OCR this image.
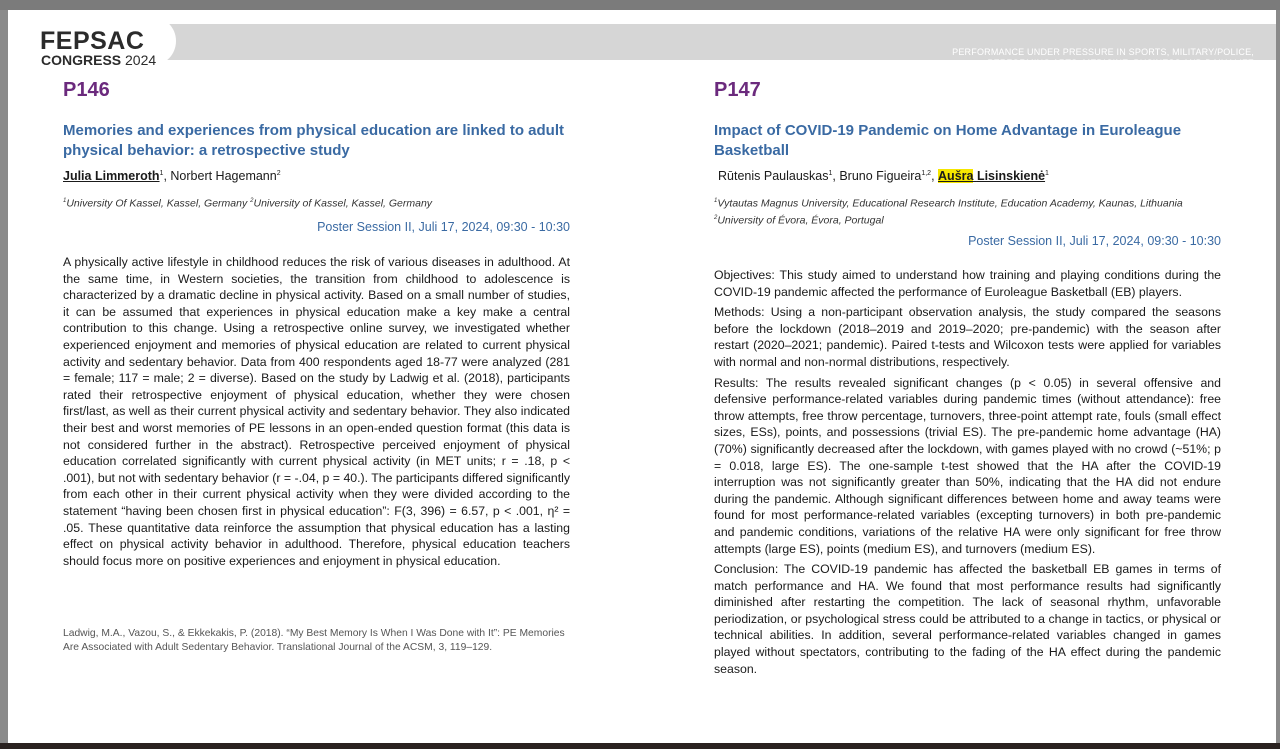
PERFORMANCE UNDER PRESSURE IN SPORTS, MILITARY/POLICE,
PERFORMING ARTS, MEDICINE, BUSINESS AND DAILY LIFE
FEPSAC
CONGRESS 2024
P146
Memories and experiences from physical education are linked to adult physical behavior: a retrospective study
Julia Limmeroth$^1$, Norbert Hagemann$^2$
$^1$University Of Kassel, Kassel, Germany $^2$University of Kassel, Kassel, Germany
Poster Session II, Juli 17, 2024, 09:30 - 10:30

A physically active lifestyle in childhood reduces the risk of various diseases in adulthood. At the same time, in Western societies, the transition from childhood to adolescence is characterized by a dramatic decline in physical activity. Based on a small number of studies, it can be assumed that experiences in physical education make a key make a central contribution to this change. Using a retrospective online survey, we investigated whether experienced enjoyment and memories of physical education are related to current physical activity and sedentary behavior. Data from 400 respondents aged 18-77 were analyzed (281 = female; 117 = male; 2 = diverse). Based on the study by Ladwig et al. (2018), participants rated their retrospective enjoyment of physical education, whether they were chosen first/last, as well as their current physical activity and sedentary behavior. They also indicated their best and worst memories of PE lessons in an open-ended question format (this data is not considered further in the abstract). Retrospective perceived enjoyment of physical education correlated significantly with current physical activity (in MET units; r = .18, p < .001), but not with sedentary behavior (r = -.04, p = 40.). The participants differed significantly from each other in their current physical activity when they were divided according to the statement “having been chosen first in physical education”: F(3, 396) = 6.57, p < .001, η² = .05. These quantitative data reinforce the assumption that physical education has a lasting effect on physical activity behavior in adulthood. Therefore, physical education teachers should focus more on positive experiences and enjoyment in physical education.

Ladwig, M.A., Vazou, S., & Ekkekakis, P. (2018). “My Best Memory Is When I Was Done with It”: PE Memories Are Associated with Adult Sedentary Behavior. Translational Journal of the ACSM, 3, 119–129.
P147
Impact of COVID-19 Pandemic on Home Advantage in Euroleague Basketball
Rūtenis Paulauskas$^1$, Bruno Figueira$^{1,2}$, Aušra Lisinskienė$^1$
$^1$Vytautas Magnus University, Educational Research Institute, Education Academy, Kaunas, Lithuania $^2$University of Évora, Évora, Portugal
Poster Session II, Juli 17, 2024, 09:30 - 10:30

Objectives: This study aimed to understand how training and playing conditions during the COVID-19 pandemic affected the performance of Euroleague Basketball (EB) players.

Methods: Using a non-participant observation analysis, the study compared the seasons before the lockdown (2018–2019 and 2019–2020; pre-pandemic) with the season after restart (2020–2021; pandemic). Paired t-tests and Wilcoxon tests were applied for variables with normal and non-normal distributions, respectively.

Results: The results revealed significant changes (p < 0.05) in several offensive and defensive performance-related variables during pandemic times (without attendance): free throw attempts, free throw percentage, turnovers, three-point attempt rate, fouls (small effect sizes, ESs), points, and possessions (trivial ES). The pre-pandemic home advantage (HA) (70%) significantly decreased after the lockdown, with games played with no crowd (~51%; p = 0.018, large ES). The one-sample t-test showed that the HA after the COVID-19 interruption was not significantly greater than 50%, indicating that the HA did not endure during the pandemic. Although significant differences between home and away teams were found for most performance-related variables (excepting turnovers) in both pre-pandemic and pandemic conditions, variations of the relative HA were only significant for free throw attempts (large ES), points (medium ES), and turnovers (medium ES).

Conclusion: The COVID-19 pandemic has affected the basketball EB games in terms of match performance and HA. We found that most performance results had significantly diminished after restarting the competition. The lack of seasonal rhythm, unfavorable periodization, or psychological stress could be attributed to a change in tactics, or physical or technical abilities. In addition, several performance-related variables changed in games played without spectators, contributing to the fading of the HA effect during the pandemic season.
